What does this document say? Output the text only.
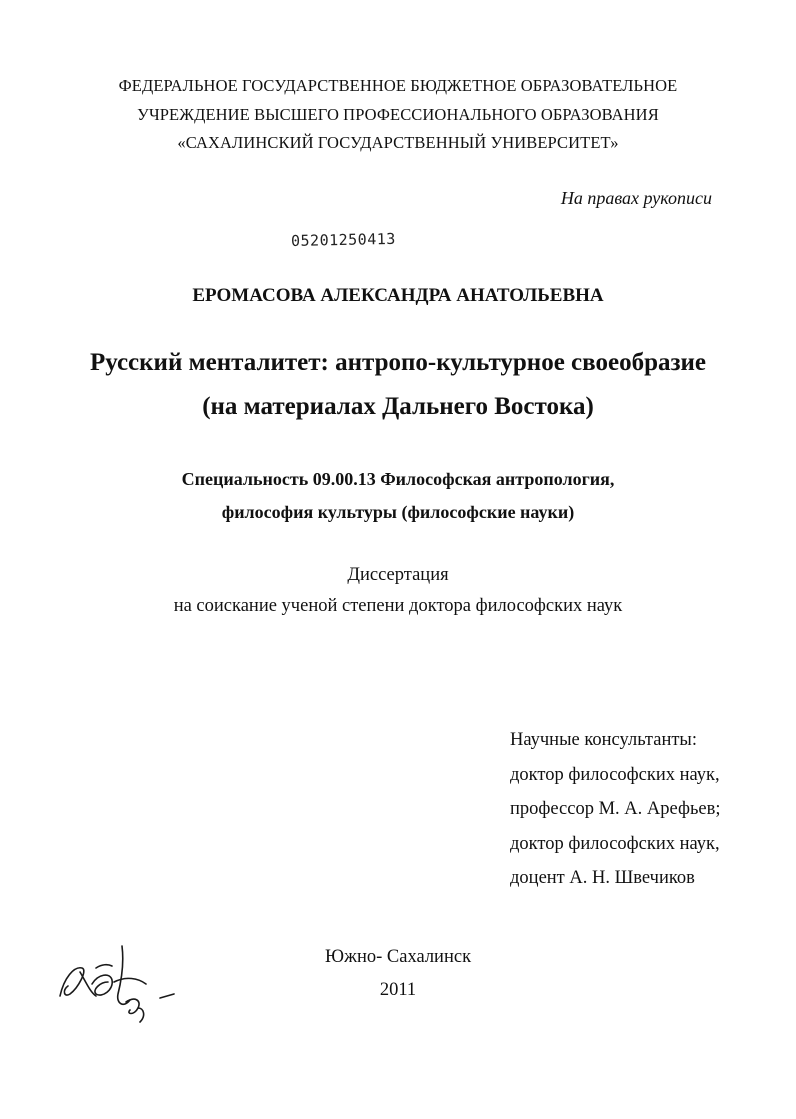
ФЕДЕРАЛЬНОЕ ГОСУДАРСТВЕННОЕ БЮДЖЕТНОЕ ОБРАЗОВАТЕЛЬНОЕ
УЧРЕЖДЕНИЕ ВЫСШЕГО ПРОФЕССИОНАЛЬНОГО ОБРАЗОВАНИЯ
«САХАЛИНСКИЙ ГОСУДАРСТВЕННЫЙ УНИВЕРСИТЕТ»
На правах рукописи
05201250413
ЕРОМАСОВА АЛЕКСАНДРА АНАТОЛЬЕВНА
Русский менталитет: антропо-культурное своеобразие
(на материалах Дальнего Востока)
Специальность 09.00.13 Философская антропология,
философия культуры (философские науки)
Диссертация
на соискание ученой степени доктора философских наук
Научные консультанты:
доктор философских наук,
профессор М. А. Арефьев;
доктор философских наук,
доцент А. Н. Швечиков
Южно- Сахалинск
2011
